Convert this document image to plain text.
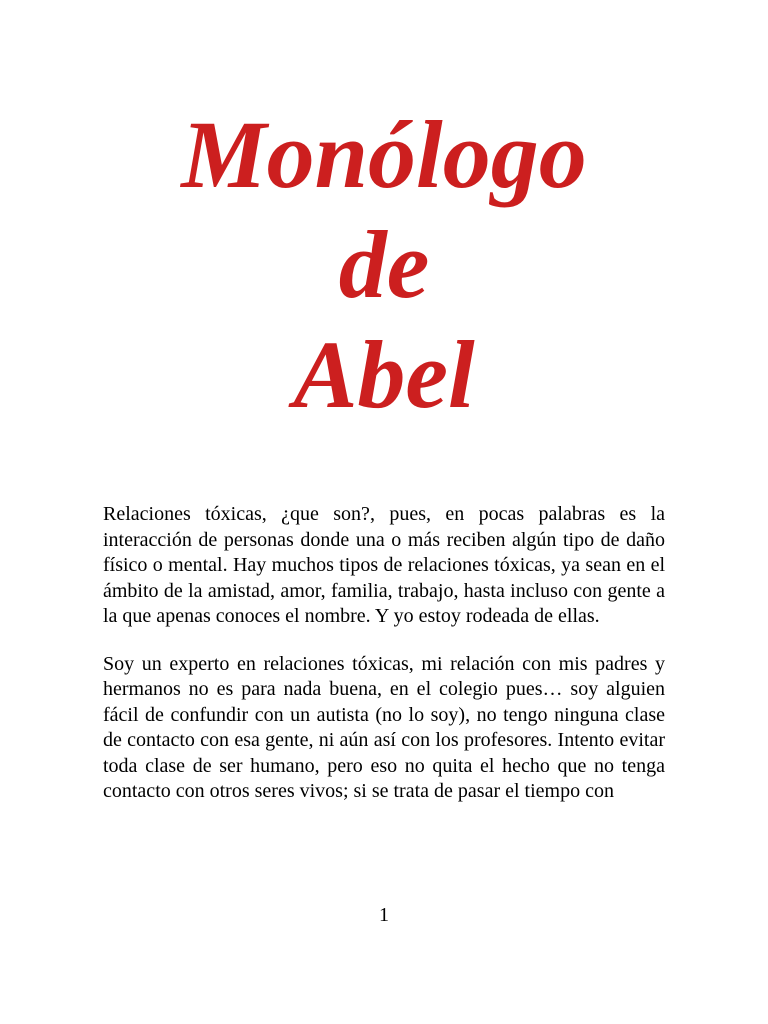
Monólogo
de
Abel

Relaciones tóxicas, ¿que son?, pues, en pocas palabras es la interacción de personas donde una o más reciben algún tipo de daño físico o mental. Hay muchos tipos de relaciones tóxicas, ya sean en el ámbito de la amistad, amor, familia, trabajo, hasta incluso con gente a la que apenas conoces el nombre. Y yo estoy rodeada de ellas.

Soy un experto en relaciones tóxicas, mi relación con mis padres y hermanos no es para nada buena, en el colegio pues… soy alguien fácil de confundir con un autista (no lo soy), no tengo ninguna clase de contacto con esa gente, ni aún así con los profesores. Intento evitar toda clase de ser humano, pero eso no quita el hecho que no tenga contacto con otros seres vivos; si se trata de pasar el tiempo con

1
